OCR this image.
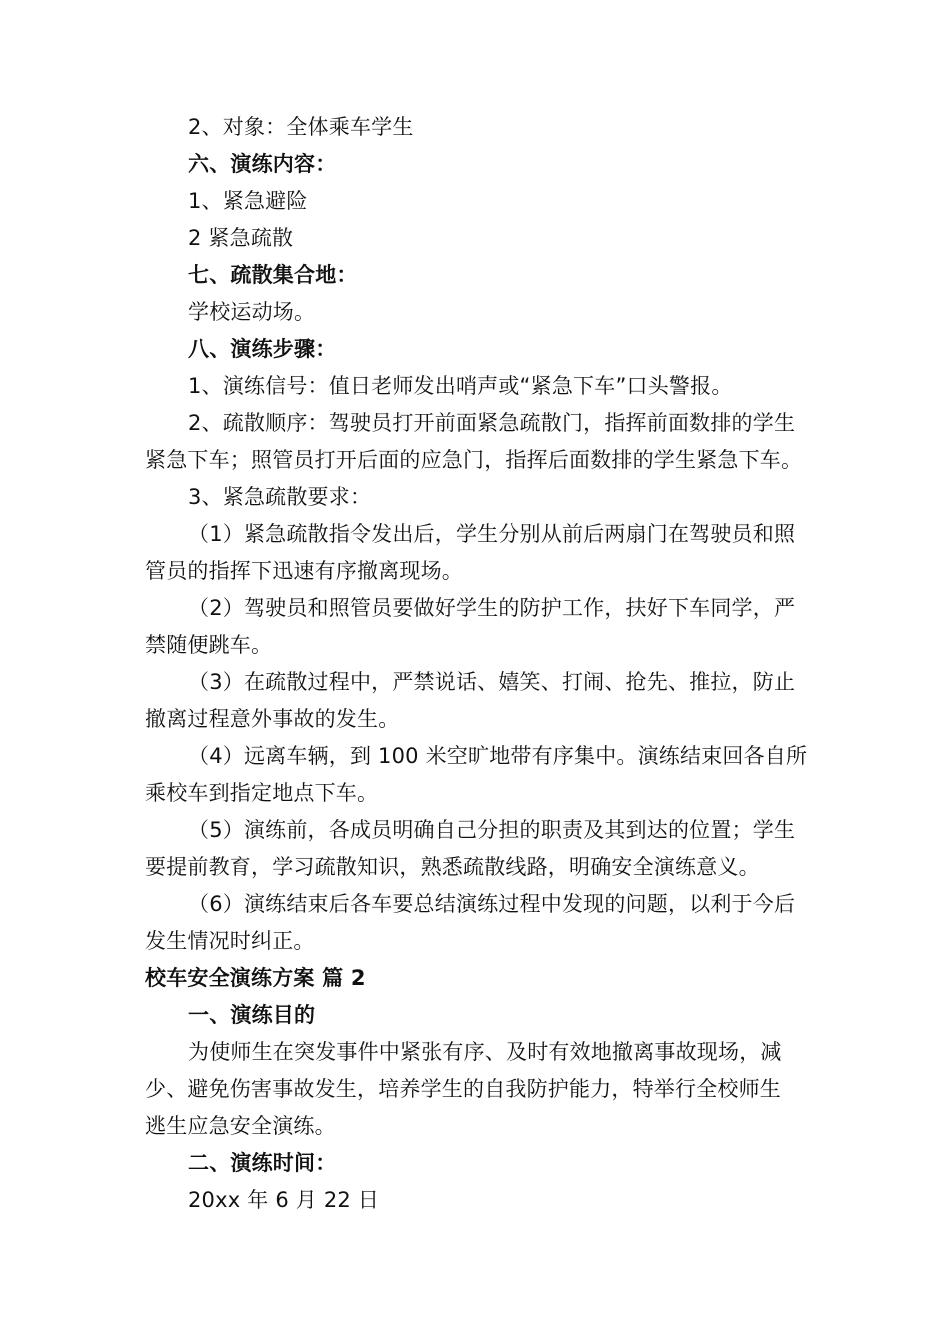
2、对象：全体乘车学生
六、演练内容：
1、紧急避险
2 紧急疏散
七、疏散集合地：
学校运动场。
八、演练步骤：
1、演练信号：值日老师发出哨声或“紧急下车”口头警报。
2、疏散顺序：驾驶员打开前面紧急疏散门，指挥前面数排的学生
紧急下车；照管员打开后面的应急门，指挥后面数排的学生紧急下车。
3、紧急疏散要求：
（1）紧急疏散指令发出后，学生分别从前后两扇门在驾驶员和照
管员的指挥下迅速有序撤离现场。
（2）驾驶员和照管员要做好学生的防护工作，扶好下车同学，严
禁随便跳车。
（3）在疏散过程中，严禁说话、嬉笑、打闹、抢先、推拉，防止
撤离过程意外事故的发生。
（4）远离车辆，到 100 米空旷地带有序集中。演练结束回各自所
乘校车到指定地点下车。
（5）演练前，各成员明确自己分担的职责及其到达的位置；学生
要提前教育，学习疏散知识，熟悉疏散线路，明确安全演练意义。
（6）演练结束后各车要总结演练过程中发现的问题，以利于今后
发生情况时纠正。
校车安全演练方案 篇 2
一、演练目的
为使师生在突发事件中紧张有序、及时有效地撤离事故现场，减
少、避免伤害事故发生，培养学生的自我防护能力，特举行全校师生
逃生应急安全演练。
二、演练时间：
20xx 年 6 月 22 日
